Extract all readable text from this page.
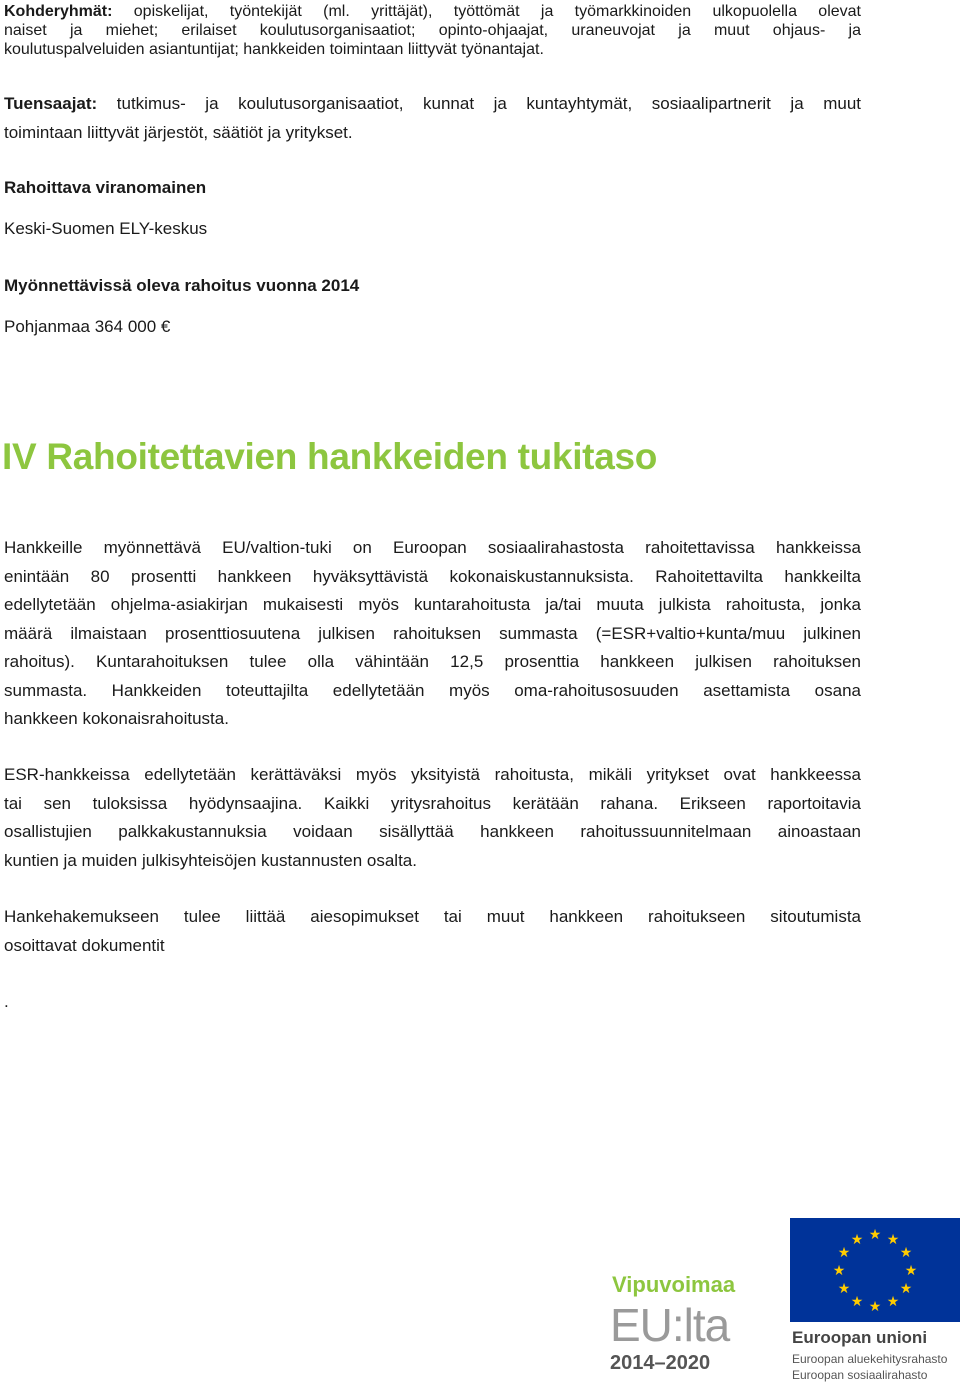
Kohderyhmät: opiskelijat, työntekijät (ml. yrittäjät), työttömät ja työmarkkinoiden ulkopuolella olevat
naiset ja miehet; erilaiset koulutusorganisaatiot; opinto-ohjaajat, uraneuvojat ja muut ohjaus- ja
koulutuspalveluiden asiantuntijat; hankkeiden toimintaan liittyvät työnantajat.
Tuensaajat: tutkimus- ja koulutusorganisaatiot, kunnat ja kuntayhtymät, sosiaalipartnerit ja muut
toimintaan liittyvät järjestöt, säätiöt ja yritykset.
Rahoittava viranomainen
Keski-Suomen ELY-keskus
Myönnettävissä oleva rahoitus vuonna 2014
Pohjanmaa 364 000 €
IV Rahoitettavien hankkeiden tukitaso
Hankkeille myönnettävä EU/valtion-tuki on Euroopan sosiaalirahastosta rahoitettavissa hankkeissa
enintään 80 prosentti hankkeen hyväksyttävistä kokonaiskustannuksista. Rahoitettavilta hankkeilta
edellytetään ohjelma-asiakirjan mukaisesti myös kuntarahoitusta ja/tai muuta julkista rahoitusta, jonka
määrä ilmaistaan prosenttiosuutena julkisen rahoituksen summasta (=ESR+valtio+kunta/muu julkinen
rahoitus). Kuntarahoituksen tulee olla vähintään 12,5 prosenttia hankkeen julkisen rahoituksen
summasta. Hankkeiden toteuttajilta edellytetään myös oma-rahoitusosuuden asettamista osana
hankkeen kokonaisrahoitusta.
ESR-hankkeissa edellytetään kerättäväksi myös yksityistä rahoitusta, mikäli yritykset ovat hankkeessa
tai sen tuloksissa hyödynsaajina. Kaikki yritysrahoitus kerätään rahana. Erikseen raportoitavia
osallistujien palkkakustannuksia voidaan sisällyttää hankkeen rahoitussuunnitelmaan ainoastaan
kuntien ja muiden julkisyhteisöjen kustannusten osalta.
Hankehakemukseen tulee liittää aiesopimukset tai muut hankkeen rahoitukseen sitoutumista
osoittavat dokumentit
.
Vipuvoimaa
EU:lta
2014–2020
★ ★
★
★
★
★
★
★
★
★
★
★
Euroopan unioni
Euroopan aluekehitysrahasto
Euroopan sosiaalirahasto
